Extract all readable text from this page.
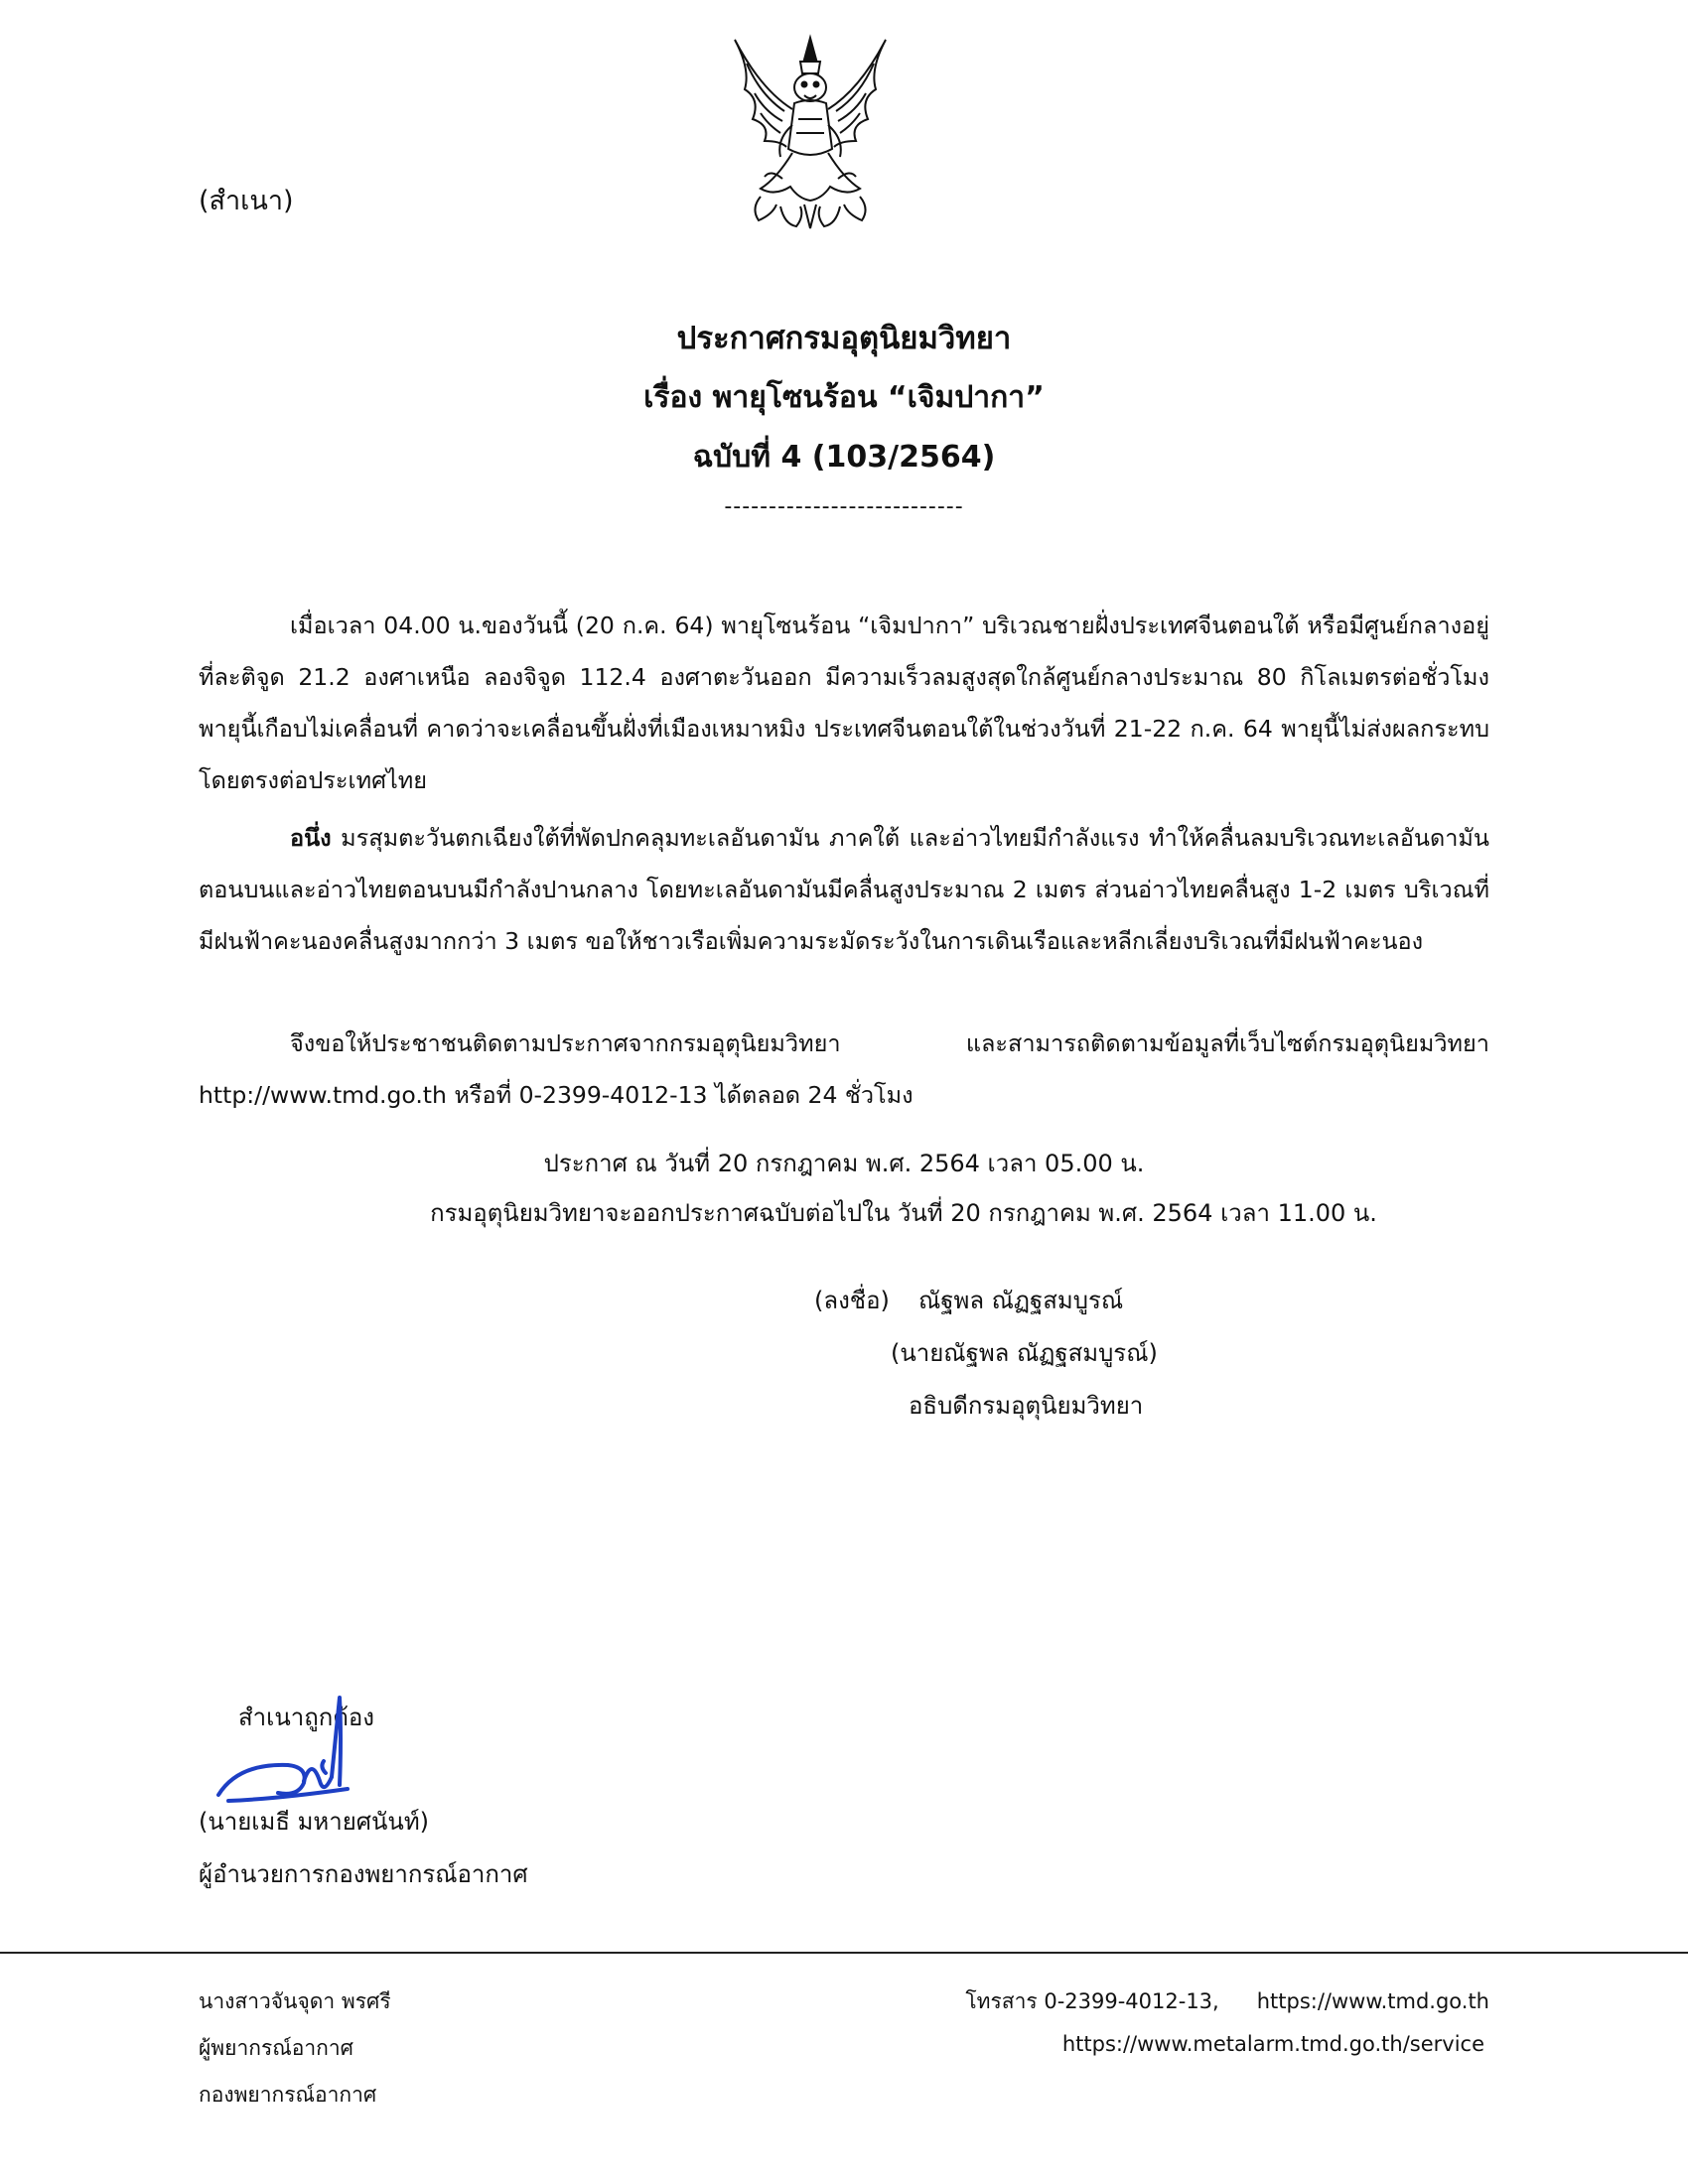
(สำเนา)
ประกาศกรมอุตุนิยมวิทยา
เรื่อง พายุโซนร้อน “เจิมปากา”
ฉบับที่ 4 (103/2564)
---------------------------
เมื่อเวลา 04.00 น.ของวันนี้ (20 ก.ค. 64) พายุโซนร้อน “เจิมปากา” บริเวณชายฝั่งประเทศจีนตอนใต้ หรือมีศูนย์กลางอยู่ที่ละติจูด 21.2 องศาเหนือ ลองจิจูด 112.4 องศาตะวันออก มีความเร็วลมสูงสุดใกล้ศูนย์กลางประมาณ 80 กิโลเมตรต่อชั่วโมง พายุนี้เกือบไม่เคลื่อนที่ คาดว่าจะเคลื่อนขึ้นฝั่งที่เมืองเหมาหมิง ประเทศจีนตอนใต้ในช่วงวันที่ 21-22 ก.ค. 64 พายุนี้ไม่ส่งผลกระทบโดยตรงต่อประเทศไทย
อนึ่ง มรสุมตะวันตกเฉียงใต้ที่พัดปกคลุมทะเลอันดามัน ภาคใต้ และอ่าวไทยมีกำลังแรง ทำให้คลื่นลมบริเวณทะเลอันดามันตอนบนและอ่าวไทยตอนบนมีกำลังปานกลาง โดยทะเลอันดามันมีคลื่นสูงประมาณ 2 เมตร ส่วนอ่าวไทยคลื่นสูง 1-2 เมตร บริเวณที่มีฝนฟ้าคะนองคลื่นสูงมากกว่า 3 เมตร ขอให้ชาวเรือเพิ่มความระมัดระวังในการเดินเรือและหลีกเลี่ยงบริเวณที่มีฝนฟ้าคะนอง
จึงขอให้ประชาชนติดตามประกาศจากกรมอุตุนิยมวิทยา และสามารถติดตามข้อมูลที่เว็บไซต์กรมอุตุนิยมวิทยา http://www.tmd.go.th หรือที่ 0-2399-4012-13 ได้ตลอด 24 ชั่วโมง
ประกาศ ณ วันที่ 20 กรกฎาคม พ.ศ. 2564 เวลา 05.00 น.
กรมอุตุนิยมวิทยาจะออกประกาศฉบับต่อไปใน วันที่ 20 กรกฎาคม พ.ศ. 2564 เวลา 11.00 น.
(ลงชื่อ) ณัฐพล ณัฏฐสมบูรณ์
(นายณัฐพล ณัฏฐสมบูรณ์)
อธิบดีกรมอุตุนิยมวิทยา
สำเนาถูกต้อง
(นายเมธี มหายศนันท์)
ผู้อำนวยการกองพยากรณ์อากาศ
นางสาวจันจุดา พรศรี
ผู้พยากรณ์อากาศ
กองพยากรณ์อากาศ
โทรสาร 0-2399-4012-13, https://www.tmd.go.th
https://www.metalarm.tmd.go.th/service
